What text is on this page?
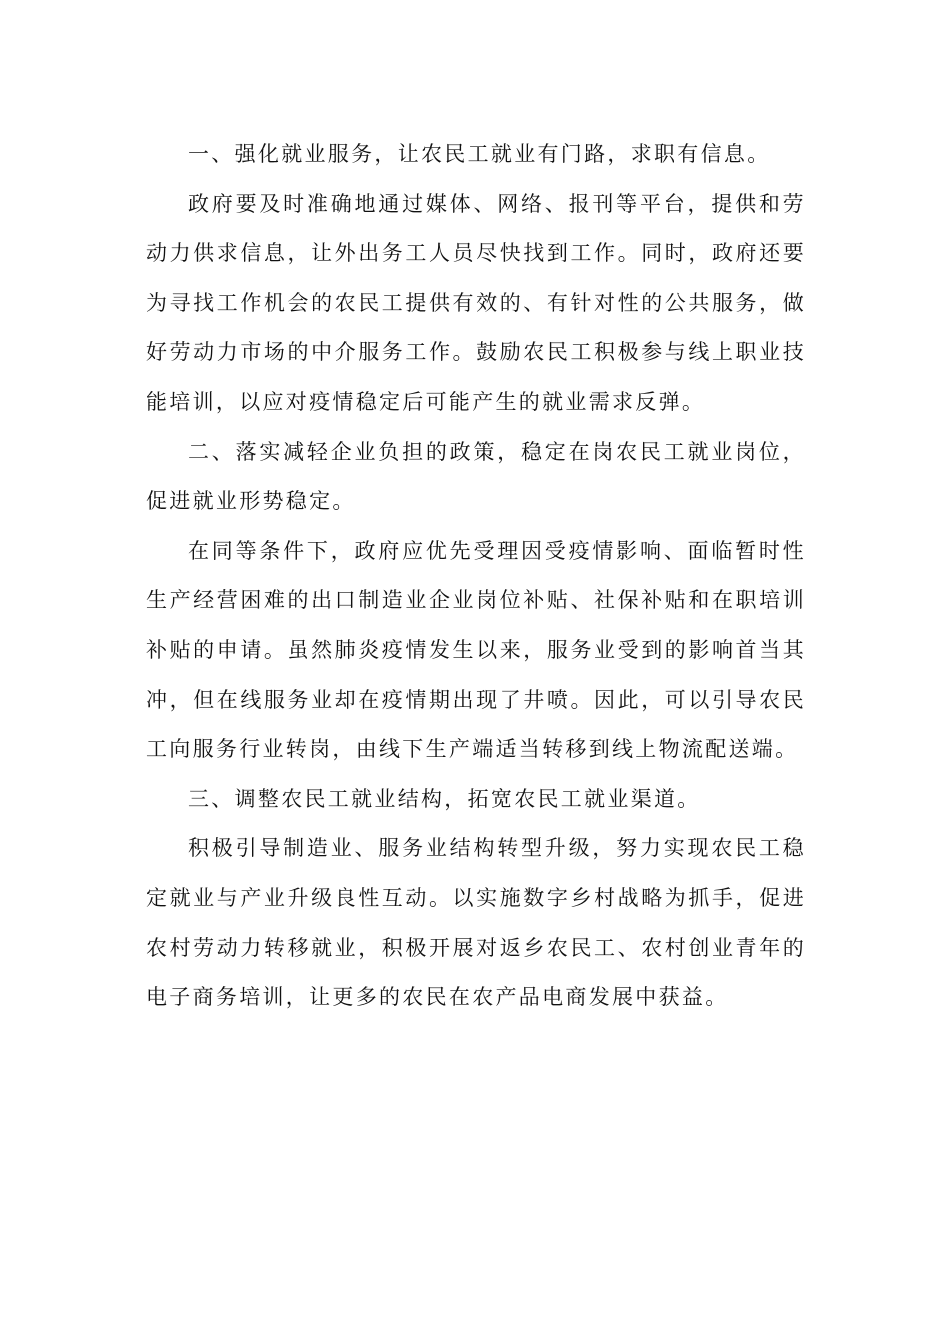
一、强化就业服务，让农民工就业有门路，求职有信息。

政府要及时准确地通过媒体、网络、报刊等平台，提供和劳动力供求信息，让外出务工人员尽快找到工作。同时，政府还要为寻找工作机会的农民工提供有效的、有针对性的公共服务，做好劳动力市场的中介服务工作。鼓励农民工积极参与线上职业技能培训，以应对疫情稳定后可能产生的就业需求反弹。

二、落实减轻企业负担的政策，稳定在岗农民工就业岗位，促进就业形势稳定。

在同等条件下，政府应优先受理因受疫情影响、面临暂时性生产经营困难的出口制造业企业岗位补贴、社保补贴和在职培训补贴的申请。虽然肺炎疫情发生以来，服务业受到的影响首当其冲，但在线服务业却在疫情期出现了井喷。因此，可以引导农民工向服务行业转岗，由线下生产端适当转移到线上物流配送端。

三、调整农民工就业结构，拓宽农民工就业渠道。

积极引导制造业、服务业结构转型升级，努力实现农民工稳定就业与产业升级良性互动。以实施数字乡村战略为抓手，促进农村劳动力转移就业，积极开展对返乡农民工、农村创业青年的电子商务培训，让更多的农民在农产品电商发展中获益。
